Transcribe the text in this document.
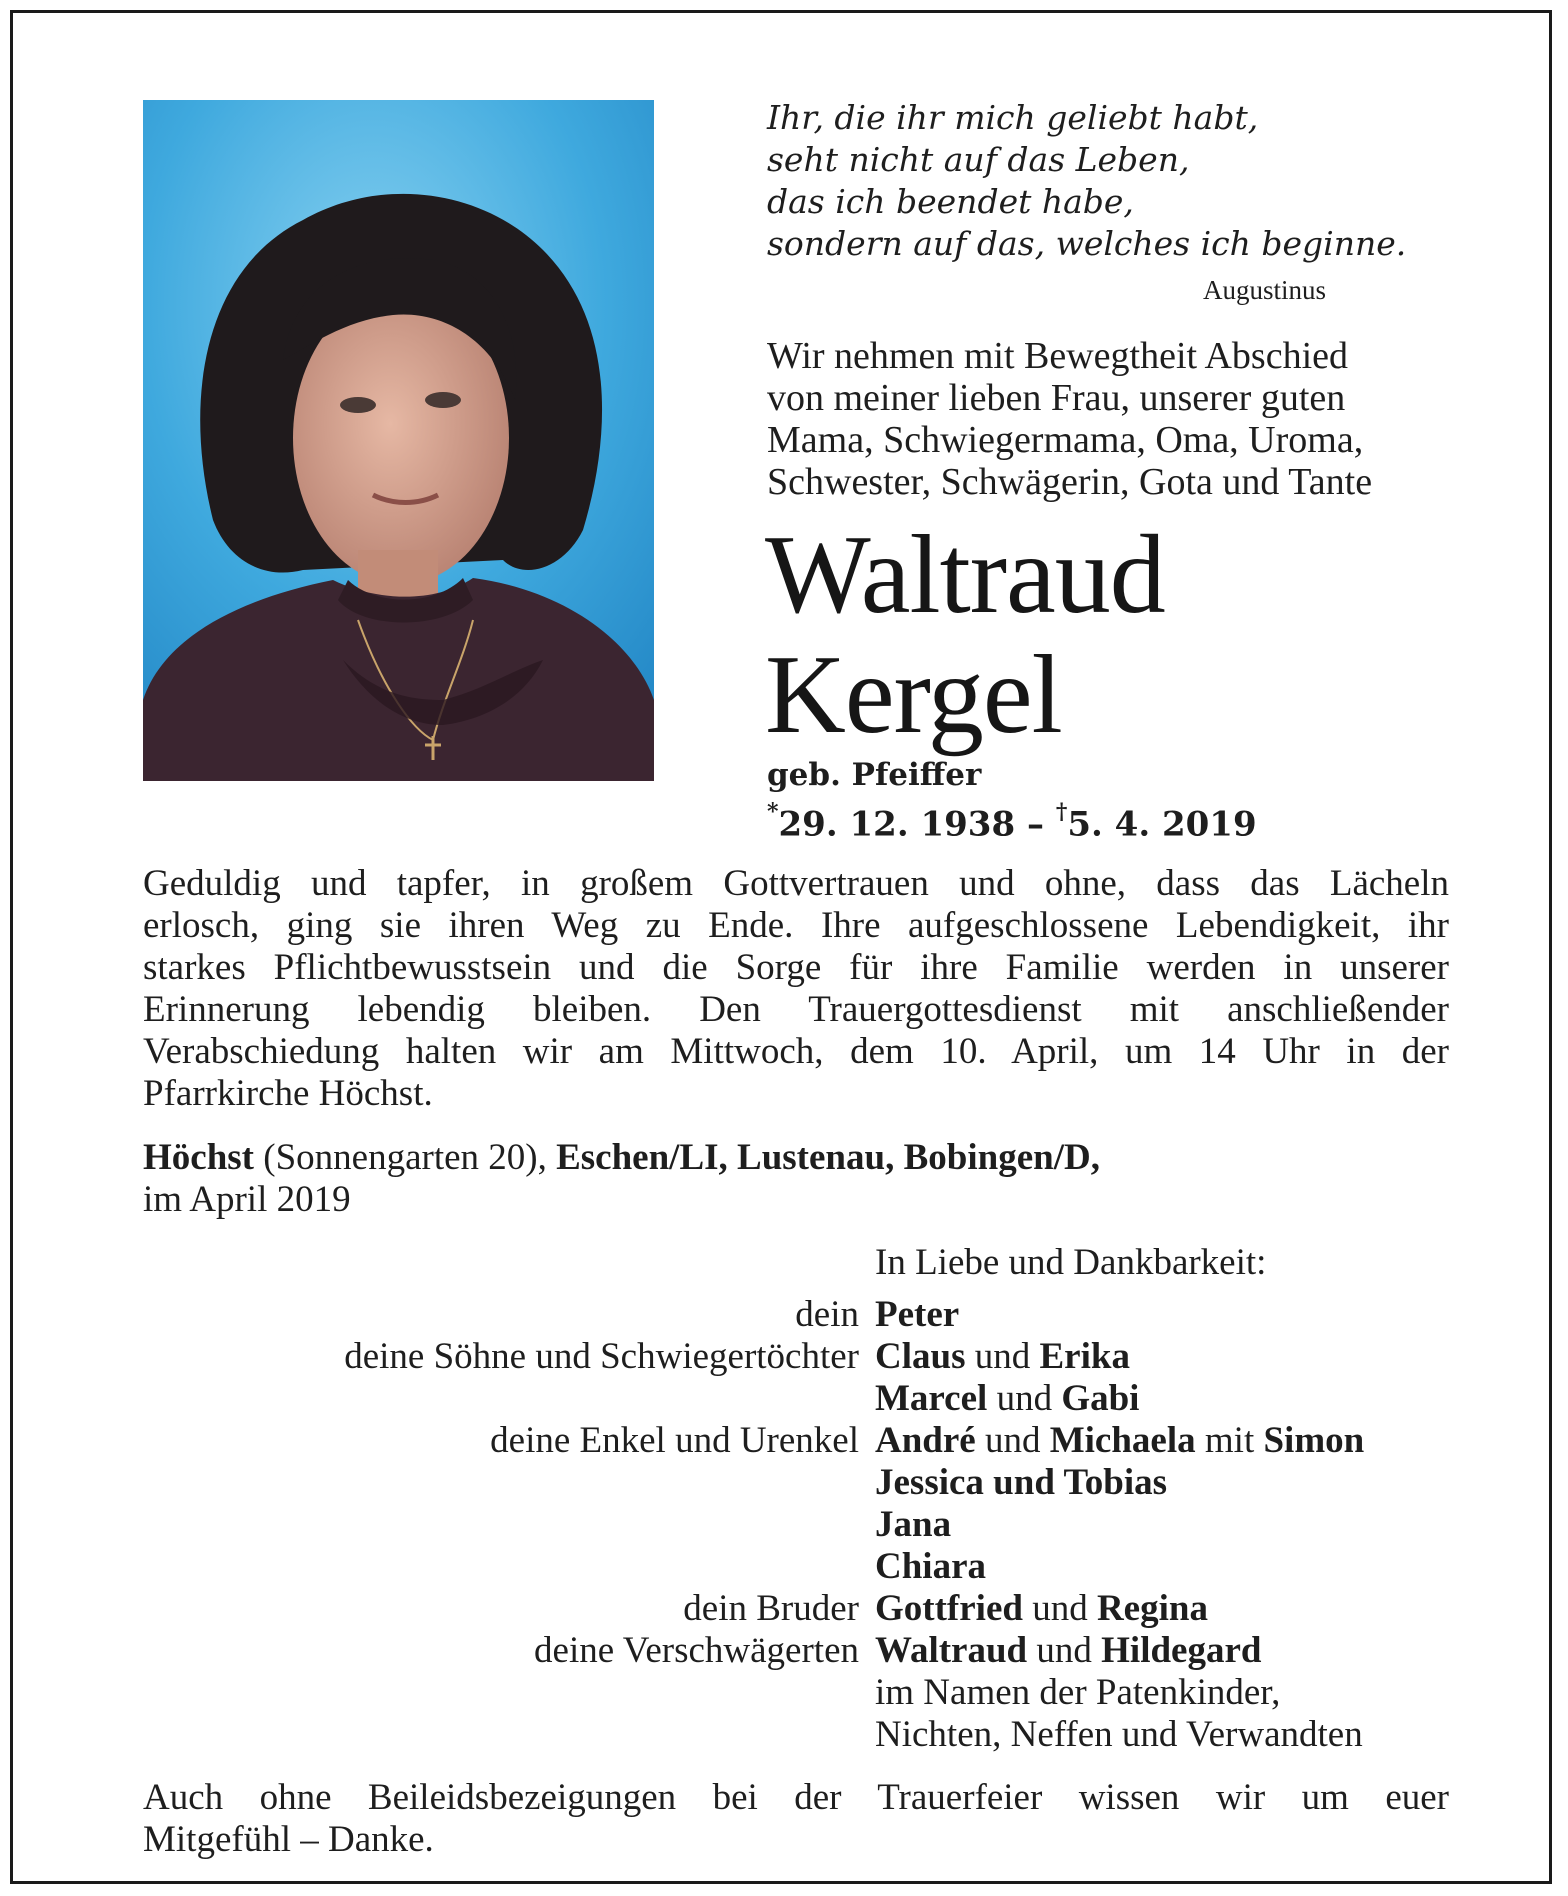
Ihr, die ihr mich geliebt habt,
seht nicht auf das Leben,
das ich beendet habe,
sondern auf das, welches ich beginne.
Augustinus
Wir nehmen mit Bewegtheit Abschied
von meiner lieben Frau, unserer guten
Mama, Schwiegermama, Oma, Uroma,
Schwester, Schwägerin, Gota und Tante
Waltraud
Kergel
geb. Pfeiffer
*29. 12. 1938 – †5. 4. 2019
Geduldig und tapfer, in großem Gottvertrauen und ohne, dass das Lächeln
erlosch, ging sie ihren Weg zu Ende. Ihre aufgeschlossene Lebendigkeit, ihr
starkes Pflichtbewusstsein und die Sorge für ihre Familie werden in unserer
Erinnerung lebendig bleiben. Den Trauergottesdienst mit anschließender
Verabschiedung halten wir am Mittwoch, dem 10. April, um 14 Uhr in der
Pfarrkirche Höchst.
Höchst (Sonnengarten 20), Eschen/LI, Lustenau, Bobingen/D,
im April 2019
In Liebe und Dankbarkeit:
dein Peter
deine Söhne und Schwiegertöchter Claus und Erika
Marcel und Gabi
deine Enkel und Urenkel André und Michaela mit Simon
Jessica und Tobias
Jana
Chiara
dein Bruder Gottfried und Regina
deine Verschwägerten Waltraud und Hildegard
im Namen der Patenkinder,
Nichten, Neffen und Verwandten
Auch ohne Beileidsbezeigungen bei der Trauerfeier wissen wir um euer
Mitgefühl – Danke.
